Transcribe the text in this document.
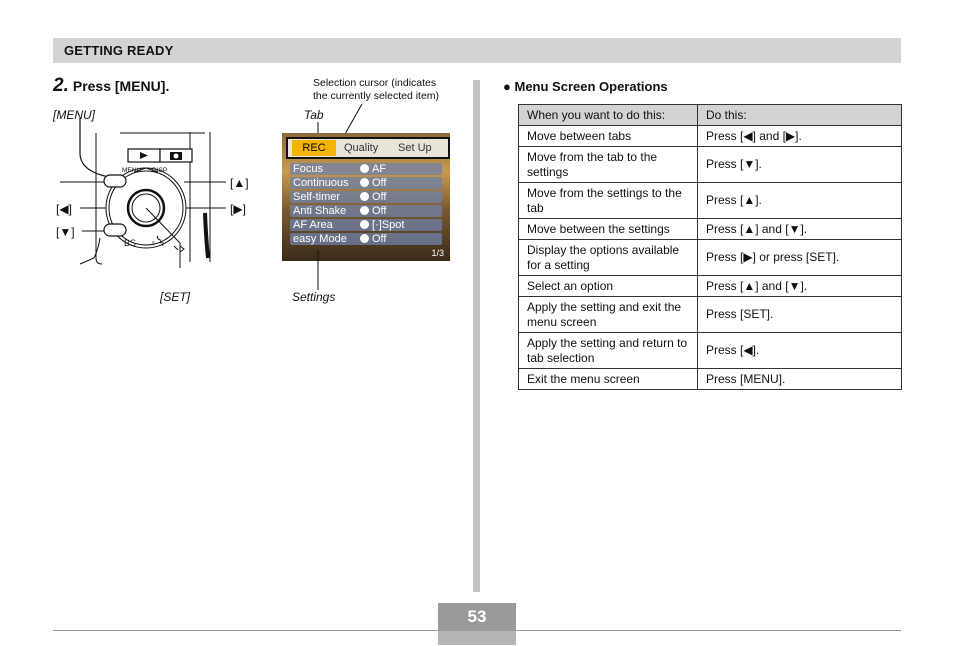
GETTING READY
2. Press [MENU].
[MENU]
MENU DISP
BS ♀ ϟ
[▲]
[◀]	[▶]
[▼]
[SET]
Tab
Selection cursor (indicates
the currently selected item)
REC	Quality Set Up
Focus	AF
Continuous Off
Self-timer	Off
Anti Shake Off
AF Area	[·]Spot
easy Mode Off
1/3
Settings
● Menu Screen Operations
When you want to do this:	Do this:
Move between tabs	Press [◀] and [▶].
Move from the tab to the settings	Press [▼].
Move from the settings to the tab	Press [▲].
Move between the settings	Press [▲] and [▼].
Display the options available for a setting	Press [▶] or press [SET].
Select an option	Press [▲] and [▼].
Apply the setting and exit the menu screen	Press [SET].
Apply the setting and return to tab selection	Press [◀].
Exit the menu screen	Press [MENU].
53
